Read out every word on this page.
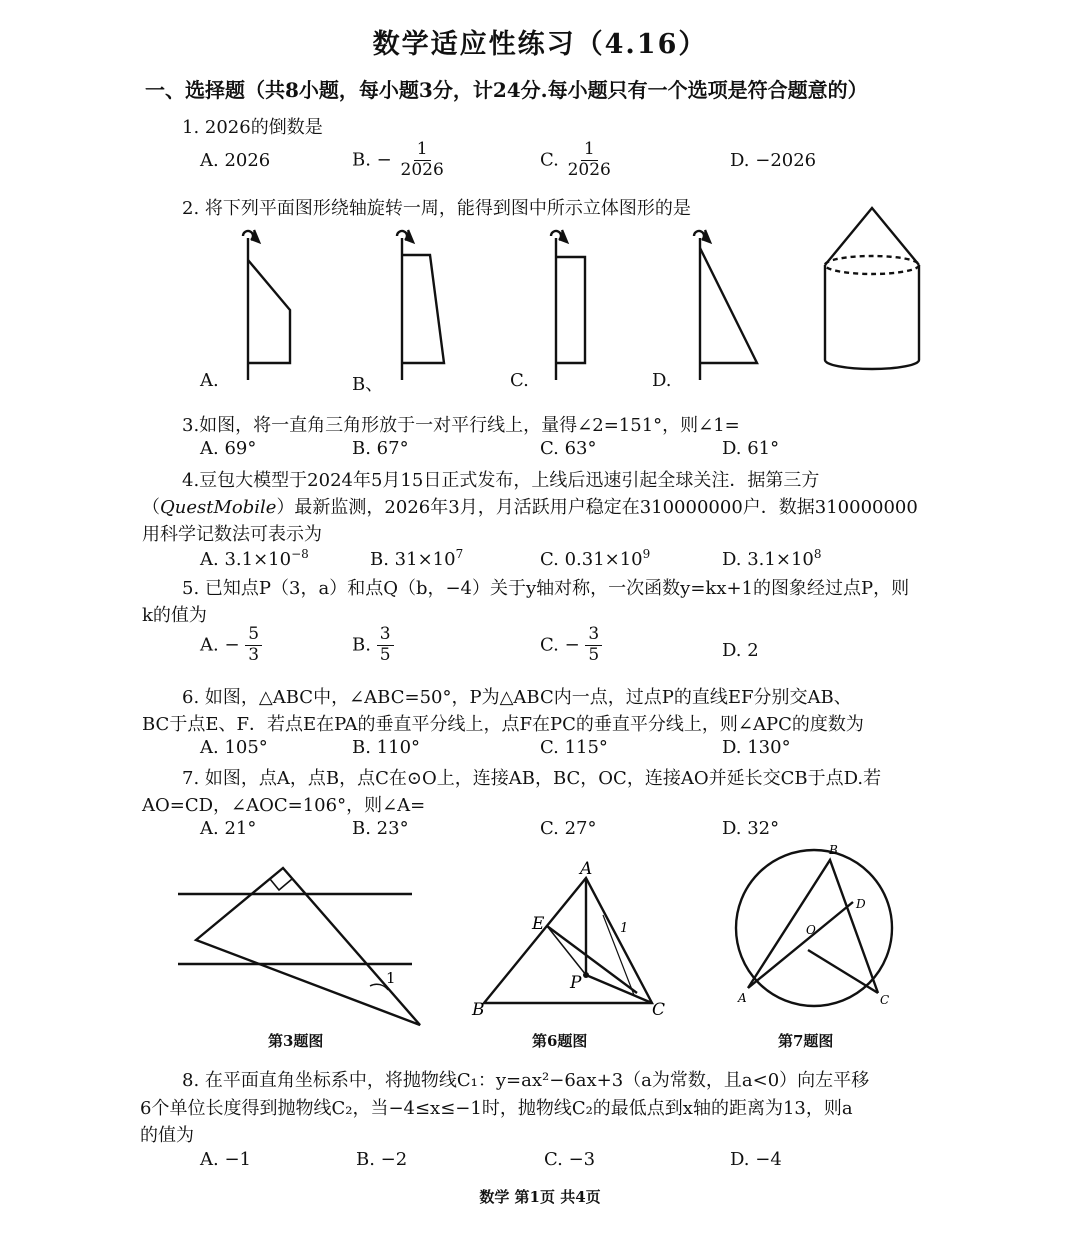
数学适应性练习（4.16）
一、选择题（共8小题，每小题3分，计24分.每小题只有一个选项是符合题意的）
1. 2026的倒数是
A. 2026	B. − $\frac{1}{2026}$	C. $\frac{1}{2026}$	D. −2026
2. 将下列平面图形绕轴旋转一周，能得到图中所示立体图形的是
A.	B、	C.	D.
3.如图，将一直角三角形放于一对平行线上，量得∠2=151°，则∠1=
A. 69°	B. 67°	C. 63°	D. 61°
4.豆包大模型于2024年5月15日正式发布，上线后迅速引起全球关注．据第三方
（QuestMobile）最新监测，2026年3月，月活跃用户稳定在310000000户．数据310000000
用科学记数法可表示为
A. $3.1\times 10^{-8}$	B. $31\times 10^7$	C. $0.31\times 10^9$	D. $3.1\times 10^8$
5. 已知点P（3，a）和点Q（b，−4）关于y轴对称，一次函数y=kx+1的图象经过点P，则
k的值为
A. − $\frac{5}{3}$	B. $\frac{3}{5}$	C. − $\frac{3}{5}$	D. 2
6. 如图，△ABC中，∠ABC=50°，P为△ABC内一点，过点P的直线EF分别交AB、
BC于点E、F．若点E在PA的垂直平分线上，点F在PC的垂直平分线上，则∠APC的度数为
A. 105°	B. 110°	C. 115°	D. 130°
7. 如图，点A，点B，点C在⊙O上，连接AB，BC，OC，连接AO并延长交CB于点D.若
AO=CD，∠AOC=106°，则∠A=
A. 21°	B. 23°	C. 27°	D. 32°
1
第3题图
A
B	C
E
P
1
第6题图
B
A	C
D
O
第7题图
8. 在平面直角坐标系中，将抛物线C₁：y=ax²−6ax+3（a为常数，且a<0）向左平移
6个单位长度得到抛物线C₂，当−4≤x≤−1时，抛物线C₂的最低点到x轴的距离为13，则a
的值为
A. −1	B. −2	C. −3	D. −4
数学 第1页 共4页
